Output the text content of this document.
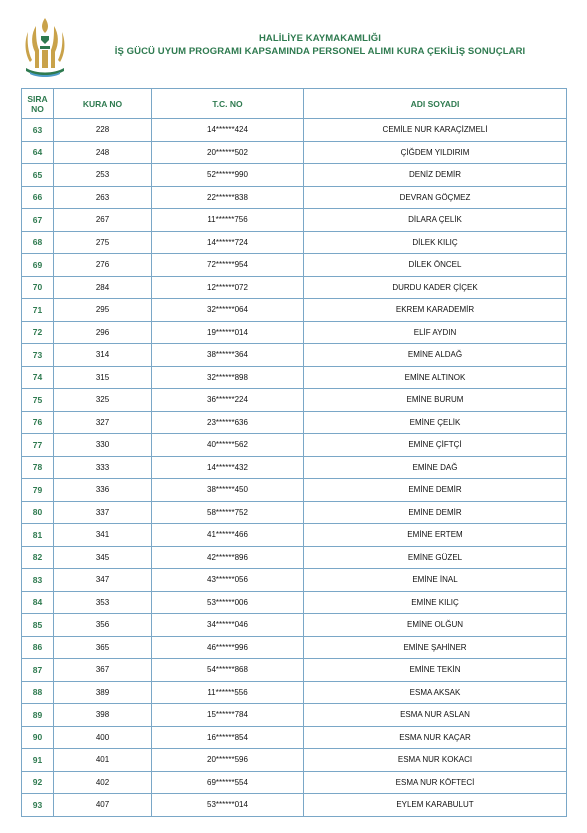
HALİLİYE KAYMAKAMLIĞI
İŞ GÜCÜ UYUM PROGRAMI KAPSAMINDA PERSONEL ALIMI KURA ÇEKİLİŞ SONUÇLARI
SIRA
NO	KURA NO	T.C. NO	ADI SOYADI
63	228	14******424	CEMİLE NUR KARAÇİZMELİ
64	248	20******502	ÇİĞDEM YILDIRIM
65	253	52******990	DENİZ DEMİR
66	263	22******838	DEVRAN GÖÇMEZ
67	267	11******756	DİLARA ÇELİK
68	275	14******724	DİLEK KILIÇ
69	276	72******954	DİLEK ÖNCEL
70	284	12******072	DURDU KADER ÇİÇEK
71	295	32******064	EKREM KARADEMİR
72	296	19******014	ELİF AYDIN
73	314	38******364	EMİNE ALDAĞ
74	315	32******898	EMİNE ALTINOK
75	325	36******224	EMİNE BURUM
76	327	23******636	EMİNE ÇELİK
77	330	40******562	EMİNE ÇİFTÇİ
78	333	14******432	EMİNE DAĞ
79	336	38******450	EMİNE DEMİR
80	337	58******752	EMİNE DEMİR
81	341	41******466	EMİNE ERTEM
82	345	42******896	EMİNE GÜZEL
83	347	43******056	EMİNE İNAL
84	353	53******006	EMİNE KILIÇ
85	356	34******046	EMİNE OLĞUN
86	365	46******996	EMİNE ŞAHİNER
87	367	54******868	EMİNE TEKİN
88	389	11******556	ESMA AKSAK
89	398	15******784	ESMA NUR ASLAN
90	400	16******854	ESMA NUR KAÇAR
91	401	20******596	ESMA NUR KOKACI
92	402	69******554	ESMA NUR KÖFTECİ
93	407	53******014	EYLEM KARABULUT
